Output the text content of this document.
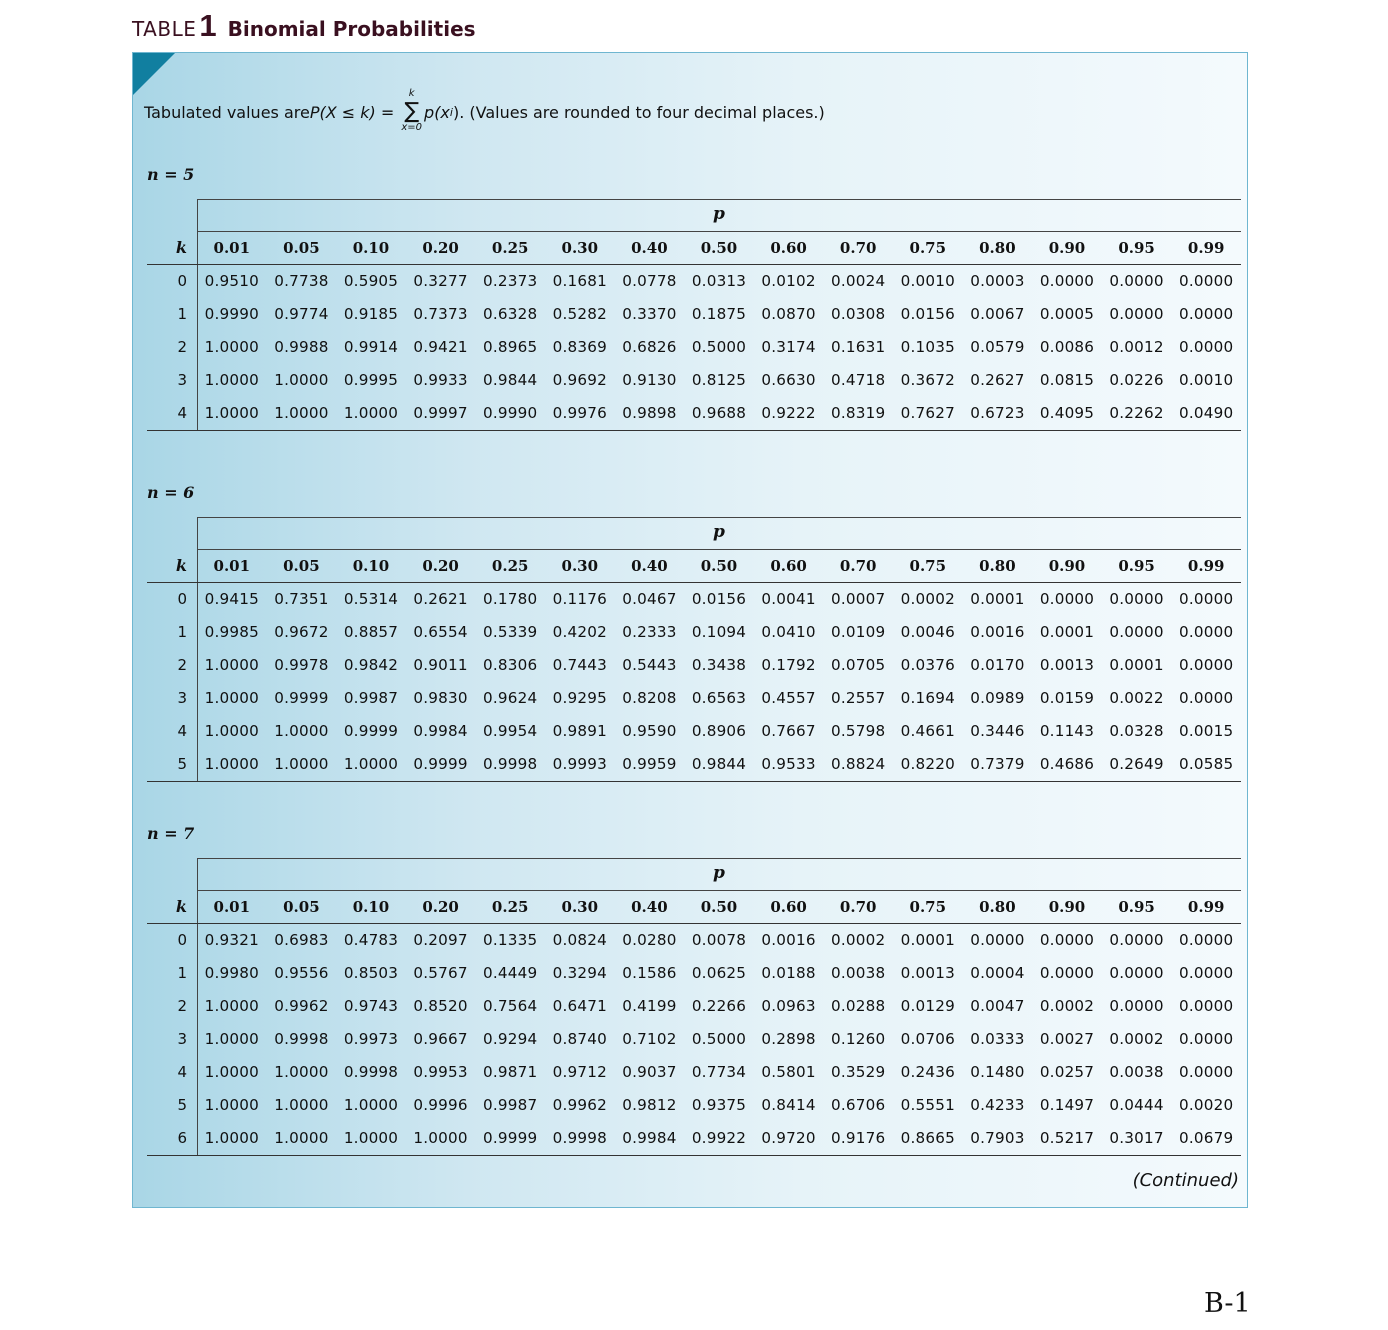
TABLE 1 Binomial Probabilities
Tabulated values are P(X ≤ k) =
k
∑
x=0
p(x i ) . (Values are rounded to four decimal places.)
n = 5
p
k	0.01	0.05	0.10	0.20	0.25	0.30	0.40	0.50	0.60	0.70	0.75	0.80	0.90	0.95	0.99
0	0.9510	0.7738	0.5905	0.3277	0.2373	0.1681	0.0778	0.0313	0.0102	0.0024	0.0010	0.0003	0.0000	0.0000	0.0000
1	0.9990	0.9774	0.9185	0.7373	0.6328	0.5282	0.3370	0.1875	0.0870	0.0308	0.0156	0.0067	0.0005	0.0000	0.0000
2	1.0000	0.9988	0.9914	0.9421	0.8965	0.8369	0.6826	0.5000	0.3174	0.1631	0.1035	0.0579	0.0086	0.0012	0.0000
3	1.0000	1.0000	0.9995	0.9933	0.9844	0.9692	0.9130	0.8125	0.6630	0.4718	0.3672	0.2627	0.0815	0.0226	0.0010
4	1.0000	1.0000	1.0000	0.9997	0.9990	0.9976	0.9898	0.9688	0.9222	0.8319	0.7627	0.6723	0.4095	0.2262	0.0490
n = 6
p
k	0.01	0.05	0.10	0.20	0.25	0.30	0.40	0.50	0.60	0.70	0.75	0.80	0.90	0.95	0.99
0	0.9415	0.7351	0.5314	0.2621	0.1780	0.1176	0.0467	0.0156	0.0041	0.0007	0.0002	0.0001	0.0000	0.0000	0.0000
1	0.9985	0.9672	0.8857	0.6554	0.5339	0.4202	0.2333	0.1094	0.0410	0.0109	0.0046	0.0016	0.0001	0.0000	0.0000
2	1.0000	0.9978	0.9842	0.9011	0.8306	0.7443	0.5443	0.3438	0.1792	0.0705	0.0376	0.0170	0.0013	0.0001	0.0000
3	1.0000	0.9999	0.9987	0.9830	0.9624	0.9295	0.8208	0.6563	0.4557	0.2557	0.1694	0.0989	0.0159	0.0022	0.0000
4	1.0000	1.0000	0.9999	0.9984	0.9954	0.9891	0.9590	0.8906	0.7667	0.5798	0.4661	0.3446	0.1143	0.0328	0.0015
5	1.0000	1.0000	1.0000	0.9999	0.9998	0.9993	0.9959	0.9844	0.9533	0.8824	0.8220	0.7379	0.4686	0.2649	0.0585
n = 7
p
k	0.01	0.05	0.10	0.20	0.25	0.30	0.40	0.50	0.60	0.70	0.75	0.80	0.90	0.95	0.99
0	0.9321	0.6983	0.4783	0.2097	0.1335	0.0824	0.0280	0.0078	0.0016	0.0002	0.0001	0.0000	0.0000	0.0000	0.0000
1	0.9980	0.9556	0.8503	0.5767	0.4449	0.3294	0.1586	0.0625	0.0188	0.0038	0.0013	0.0004	0.0000	0.0000	0.0000
2	1.0000	0.9962	0.9743	0.8520	0.7564	0.6471	0.4199	0.2266	0.0963	0.0288	0.0129	0.0047	0.0002	0.0000	0.0000
3	1.0000	0.9998	0.9973	0.9667	0.9294	0.8740	0.7102	0.5000	0.2898	0.1260	0.0706	0.0333	0.0027	0.0002	0.0000
4	1.0000	1.0000	0.9998	0.9953	0.9871	0.9712	0.9037	0.7734	0.5801	0.3529	0.2436	0.1480	0.0257	0.0038	0.0000
5	1.0000	1.0000	1.0000	0.9996	0.9987	0.9962	0.9812	0.9375	0.8414	0.6706	0.5551	0.4233	0.1497	0.0444	0.0020
6	1.0000	1.0000	1.0000	1.0000	0.9999	0.9998	0.9984	0.9922	0.9720	0.9176	0.8665	0.7903	0.5217	0.3017	0.0679
(Continued)
B-1
